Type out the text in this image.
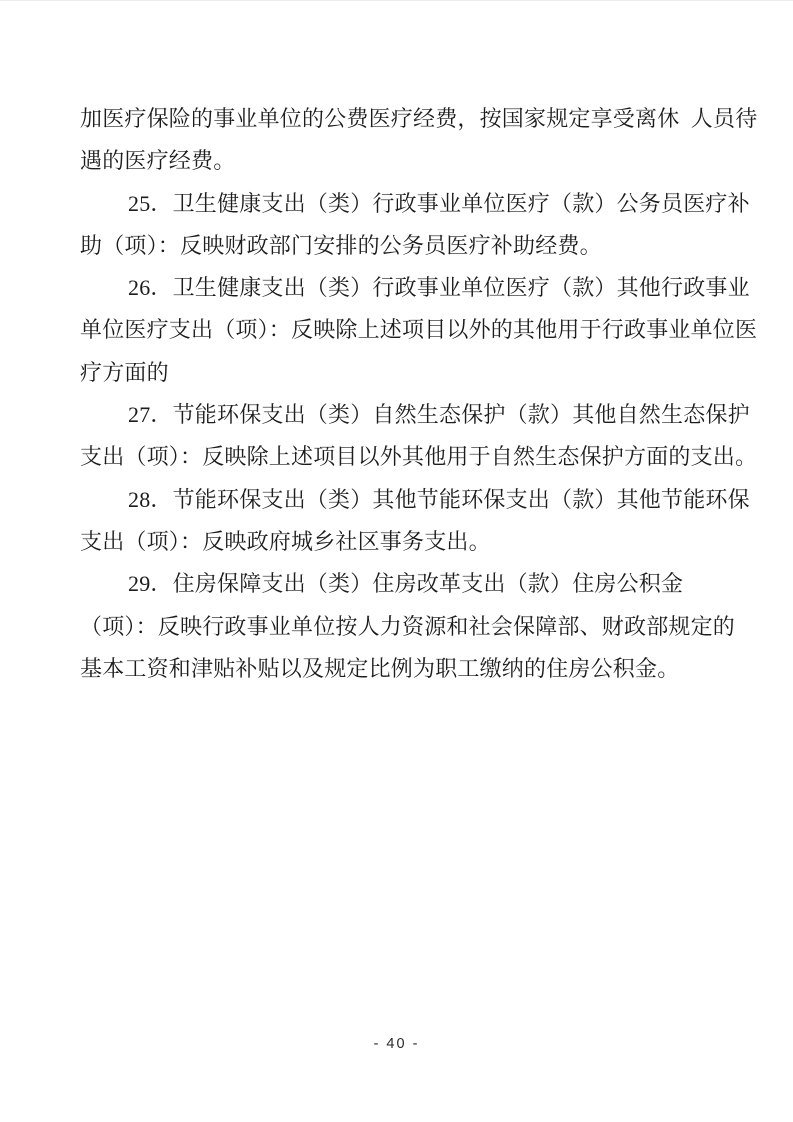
加医疗保险的事业单位的公费医疗经费，按国家规定享受离休  人员待
遇的医疗经费。
25．卫生健康支出（类）行政事业单位医疗（款）公务员医疗补
助（项）：反映财政部门安排的公务员医疗补助经费。
26．卫生健康支出（类）行政事业单位医疗（款）其他行政事业
单位医疗支出（项）：反映除上述项目以外的其他用于行政事业单位医
疗方面的
27．节能环保支出（类）自然生态保护（款）其他自然生态保护
支出（项）：反映除上述项目以外其他用于自然生态保护方面的支出。
28．节能环保支出（类）其他节能环保支出（款）其他节能环保
支出（项）：反映政府城乡社区事务支出。
29．住房保障支出（类）住房改革支出（款）住房公积金
（项）：反映行政事业单位按人力资源和社会保障部、财政部规定的
基本工资和津贴补贴以及规定比例为职工缴纳的住房公积金。
- 40 -
